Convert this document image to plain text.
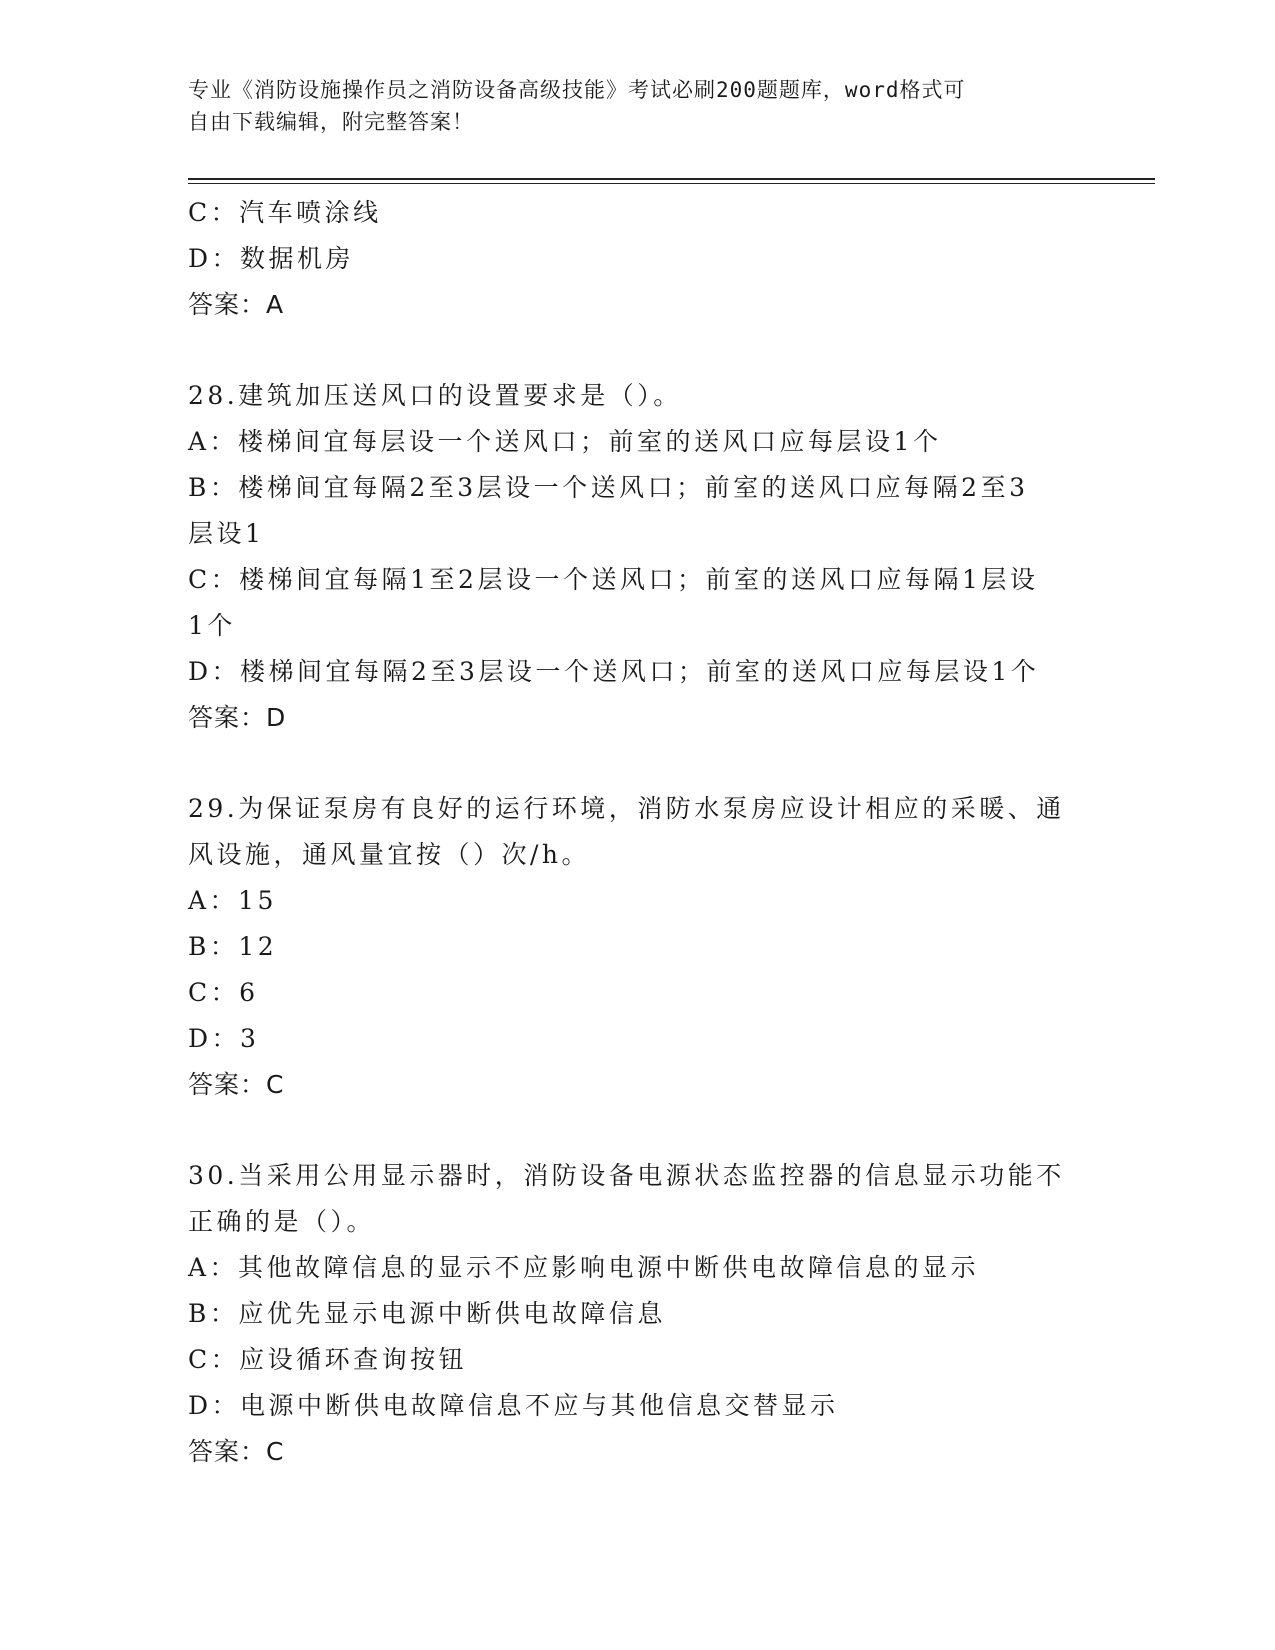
专业《消防设施操作员之消防设备高级技能》考试必刷200题题库，word格式可
自由下载编辑，附完整答案！
C：汽车喷涂线
D：数据机房
答案：A
28.建筑加压送风口的设置要求是（）。
A：楼梯间宜每层设一个送风口；前室的送风口应每层设1个
B：楼梯间宜每隔2至3层设一个送风口；前室的送风口应每隔2至3
层设1
C：楼梯间宜每隔1至2层设一个送风口；前室的送风口应每隔1层设
1个
D：楼梯间宜每隔2至3层设一个送风口；前室的送风口应每层设1个
答案：D
29.为保证泵房有良好的运行环境，消防水泵房应设计相应的采暖、通
风设施，通风量宜按（）次/h。
A：15
B：12
C：6
D：3
答案：C
30.当采用公用显示器时，消防设备电源状态监控器的信息显示功能不
正确的是（）。
A：其他故障信息的显示不应影响电源中断供电故障信息的显示
B：应优先显示电源中断供电故障信息
C：应设循环查询按钮
D：电源中断供电故障信息不应与其他信息交替显示
答案：C
